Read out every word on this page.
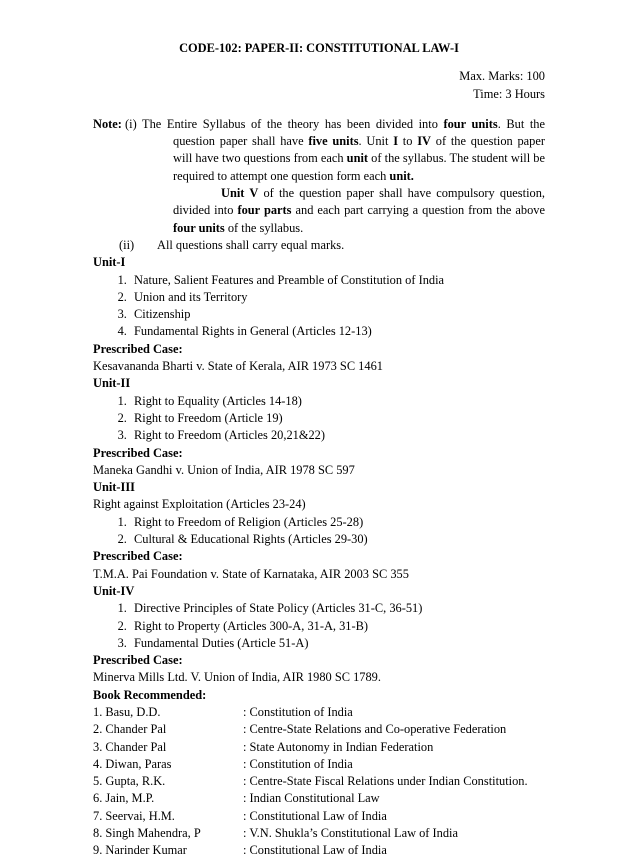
CODE-102: PAPER-II: CONSTITUTIONAL LAW-I
Max. Marks: 100
Time: 3 Hours
Note: (i) The Entire Syllabus of the theory has been divided into four units. But the question paper shall have five units. Unit I to IV of the question paper will have two questions from each unit of the syllabus. The student will be required to attempt one question form each unit.
Unit V of the question paper shall have compulsory question, divided into four parts and each part carrying a question from the above four units of the syllabus.
(ii) All questions shall carry equal marks.
Unit-I
1. Nature, Salient Features and Preamble of Constitution of India
2. Union and its Territory
3. Citizenship
4. Fundamental Rights in General (Articles 12-13)
Prescribed Case:
Kesavananda Bharti v. State of Kerala, AIR 1973 SC 1461
Unit-II
1. Right to Equality (Articles 14-18)
2. Right to Freedom (Article 19)
3. Right to Freedom (Articles 20,21&22)
Prescribed Case:
Maneka Gandhi v. Union of India, AIR 1978 SC 597
Unit-III
Right against Exploitation (Articles 23-24)
1. Right to Freedom of Religion (Articles 25-28)
2. Cultural & Educational Rights (Articles 29-30)
Prescribed Case:
T.M.A. Pai Foundation v. State of Karnataka, AIR 2003 SC 355
Unit-IV
1. Directive Principles of State Policy (Articles 31-C, 36-51)
2. Right to Property (Articles 300-A, 31-A, 31-B)
3. Fundamental Duties (Article 51-A)
Prescribed Case:
Minerva Mills Ltd. V. Union of India, AIR 1980 SC 1789.
Book Recommended:
1. Basu, D.D.	: Constitution of India
2. Chander Pal	: Centre-State Relations and Co-operative Federation
3. Chander Pal	: State Autonomy in Indian Federation
4. Diwan, Paras	: Constitution of India
5. Gupta, R.K.	: Centre-State Fiscal Relations under Indian Constitution.
6. Jain, M.P.	: Indian Constitutional Law
7. Seervai, H.M.	: Constitutional Law of India
8. Singh Mahendra, P	: V.N. Shukla’s Constitutional Law of India
9. Narinder Kumar	: Constitutional Law of India
